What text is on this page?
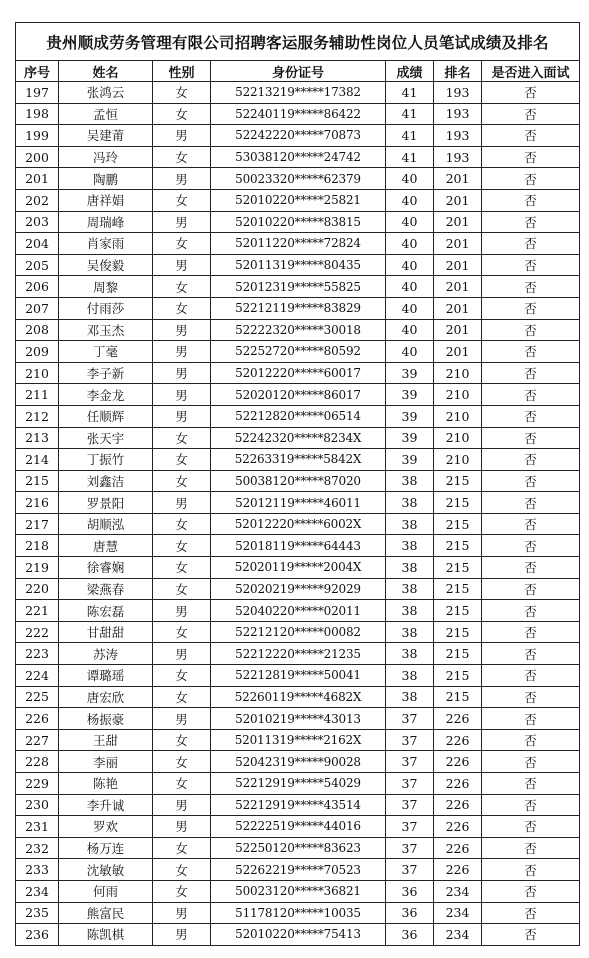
贵州顺成劳务管理有限公司招聘客运服务辅助性岗位人员笔试成绩及排名						
序号	姓名	性别	身份证号	成绩	排名	是否进入面试
197	张鸿云	女	52213219*****17382	41	193	否
198	孟恒	女	52240119*****86422	41	193	否
199	吴建莆	男	52242220*****70873	41	193	否
200	冯玲	女	53038120*****24742	41	193	否
201	陶鹏	男	50023320*****62379	40	201	否
202	唐祥娟	女	52010220*****25821	40	201	否
203	周瑞峰	男	52010220*****83815	40	201	否
204	肖家雨	女	52011220*****72824	40	201	否
205	吴俊毅	男	52011319*****80435	40	201	否
206	周黎	女	52012319*****55825	40	201	否
207	付雨莎	女	52212119*****83829	40	201	否
208	邓玉杰	男	52222320*****30018	40	201	否
209	丁毫	男	52252720*****80592	40	201	否
210	李子新	男	52012220*****60017	39	210	否
211	李金龙	男	52020120*****86017	39	210	否
212	任顺辉	男	52212820*****06514	39	210	否
213	张天宇	女	52242320*****8234X	39	210	否
214	丁振竹	女	52263319*****5842X	39	210	否
215	刘鑫洁	女	50038120*****87020	38	215	否
216	罗景阳	男	52012119*****46011	38	215	否
217	胡顺泓	女	52012220*****6002X	38	215	否
218	唐慧	女	52018119*****64443	38	215	否
219	徐睿娴	女	52020119*****2004X	38	215	否
220	梁燕春	女	52020219*****92029	38	215	否
221	陈宏磊	男	52040220*****02011	38	215	否
222	甘甜甜	女	52212120*****00082	38	215	否
223	苏涛	男	52212220*****21235	38	215	否
224	谭璐瑶	女	52212819*****50041	38	215	否
225	唐宏欣	女	52260119*****4682X	38	215	否
226	杨振豪	男	52010219*****43013	37	226	否
227	王甜	女	52011319*****2162X	37	226	否
228	李丽	女	52042319*****90028	37	226	否
229	陈艳	女	52212919*****54029	37	226	否
230	李升诚	男	52212919*****43514	37	226	否
231	罗欢	男	52222519*****44016	37	226	否
232	杨万连	女	52250120*****83623	37	226	否
233	沈敏敏	女	52262219*****70523	37	226	否
234	何雨	女	50023120*****36821	36	234	否
235	熊富民	男	51178120*****10035	36	234	否
236	陈凯棋	男	52010220*****75413	36	234	否
